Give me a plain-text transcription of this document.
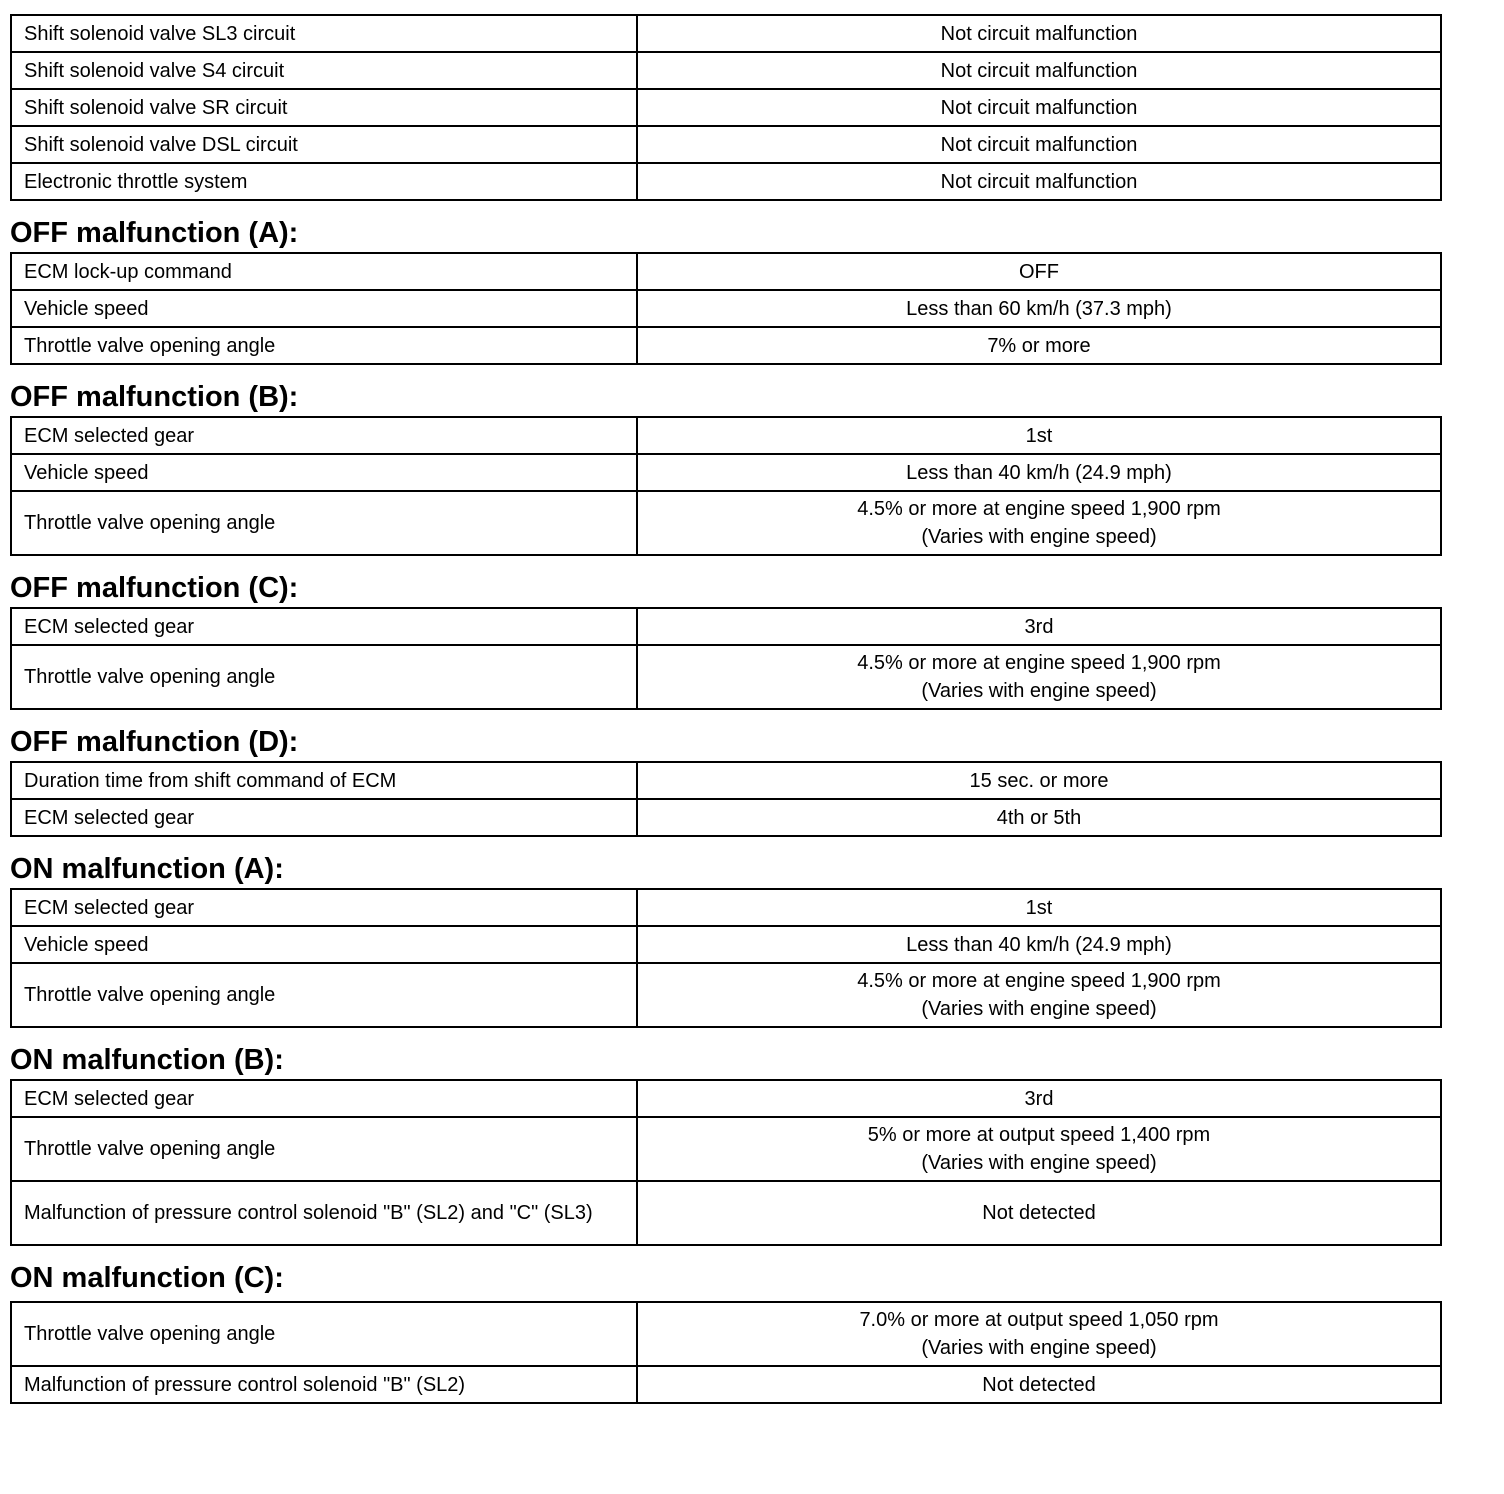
Shift solenoid valve SL3 circuit	Not circuit malfunction

Shift solenoid valve S4 circuit	Not circuit malfunction

Shift solenoid valve SR circuit	Not circuit malfunction

Shift solenoid valve DSL circuit	Not circuit malfunction

Electronic throttle system	Not circuit malfunction
OFF malfunction (A):
ECM lock-up command	OFF

Vehicle speed	Less than 60 km/h (37.3 mph)

Throttle valve opening angle	7% or more
OFF malfunction (B):
ECM selected gear	1st

Vehicle speed	Less than 40 km/h (24.9 mph)

Throttle valve opening angle	4.5% or more at engine speed 1,900 rpm
(Varies with engine speed)
OFF malfunction (C):
ECM selected gear	3rd

Throttle valve opening angle	4.5% or more at engine speed 1,900 rpm
(Varies with engine speed)
OFF malfunction (D):
Duration time from shift command of ECM	15 sec. or more

ECM selected gear	4th or 5th
ON malfunction (A):
ECM selected gear	1st

Vehicle speed	Less than 40 km/h (24.9 mph)

Throttle valve opening angle	4.5% or more at engine speed 1,900 rpm
(Varies with engine speed)
ON malfunction (B):
ECM selected gear	3rd

Throttle valve opening angle	5% or more at output speed 1,400 rpm
(Varies with engine speed)

Malfunction of pressure control solenoid "B" (SL2) and "C" (SL3)	Not detected
ON malfunction (C):
Throttle valve opening angle	7.0% or more at output speed 1,050 rpm
(Varies with engine speed)

Malfunction of pressure control solenoid "B" (SL2)	Not detected
